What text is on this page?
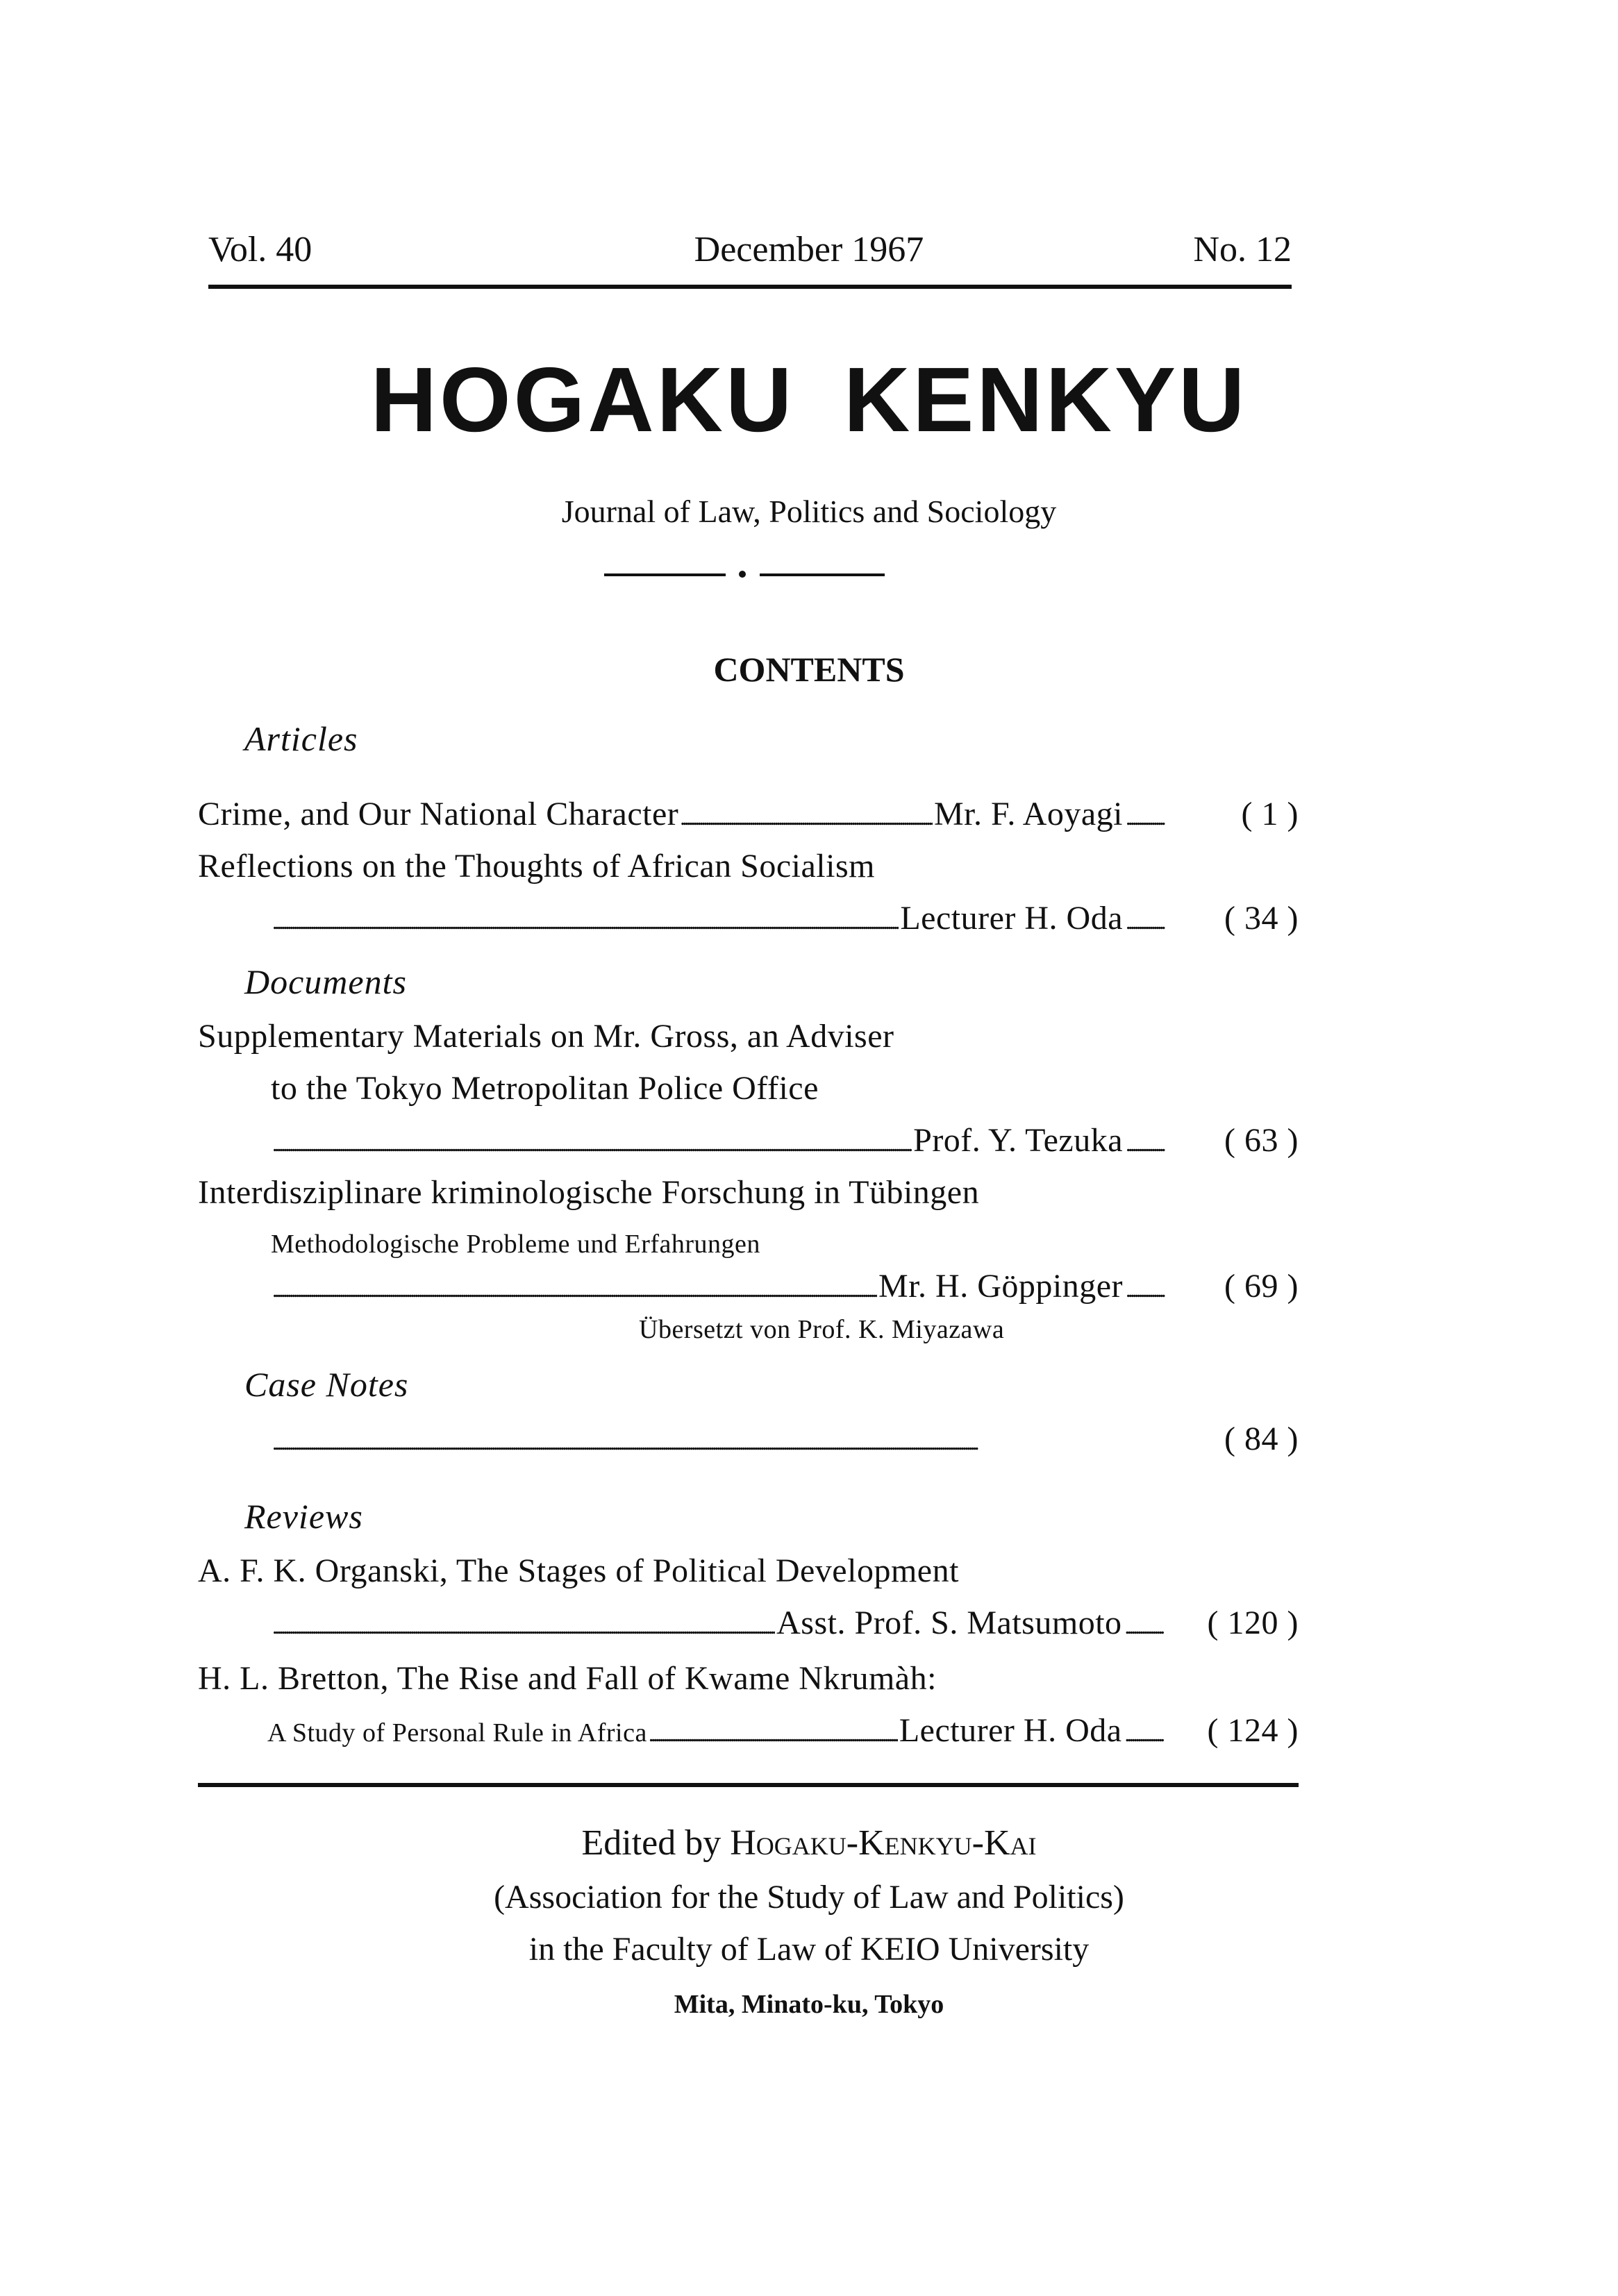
Vol. 40	December 1967	No. 12
HOGAKU KENKYU
Journal of Law, Politics and Sociology
CONTENTS
Articles
Crime, and Our National Character . . .	Mr. F. Aoyagi . . .	( 1 )
Reflections on the Thoughts of African Socialism
. . .
Lecturer H. Oda . . .	( 34 )
Documents
Supplementary Materials on Mr. Gross, an Adviser
to the Tokyo Metropolitan Police Office
. . .
Prof. Y. Tezuka . . .	( 63 )
Interdisziplinare kriminologische Forschung in Tübingen
Methodologische Probleme und Erfahrungen
. . .
Mr. H. Göppinger . . .	( 69 )
Übersetzt von Prof. K. Miyazawa
Case Notes
. . .
( 84 )
Reviews
A. F. K. Organski, The Stages of Political Development
. . .
Asst. Prof. S. Matsumoto . . .	( 120 )
H. L. Bretton, The Rise and Fall of Kwame Nkrumàh:
A Study of Personal Rule in Africa . . .	Lecturer H. Oda . . .	( 124 )
Edited by Hogaku-Kenkyu-Kai
(Association for the Study of Law and Politics)
in the Faculty of Law of KEIO University
Mita, Minato-ku, Tokyo
